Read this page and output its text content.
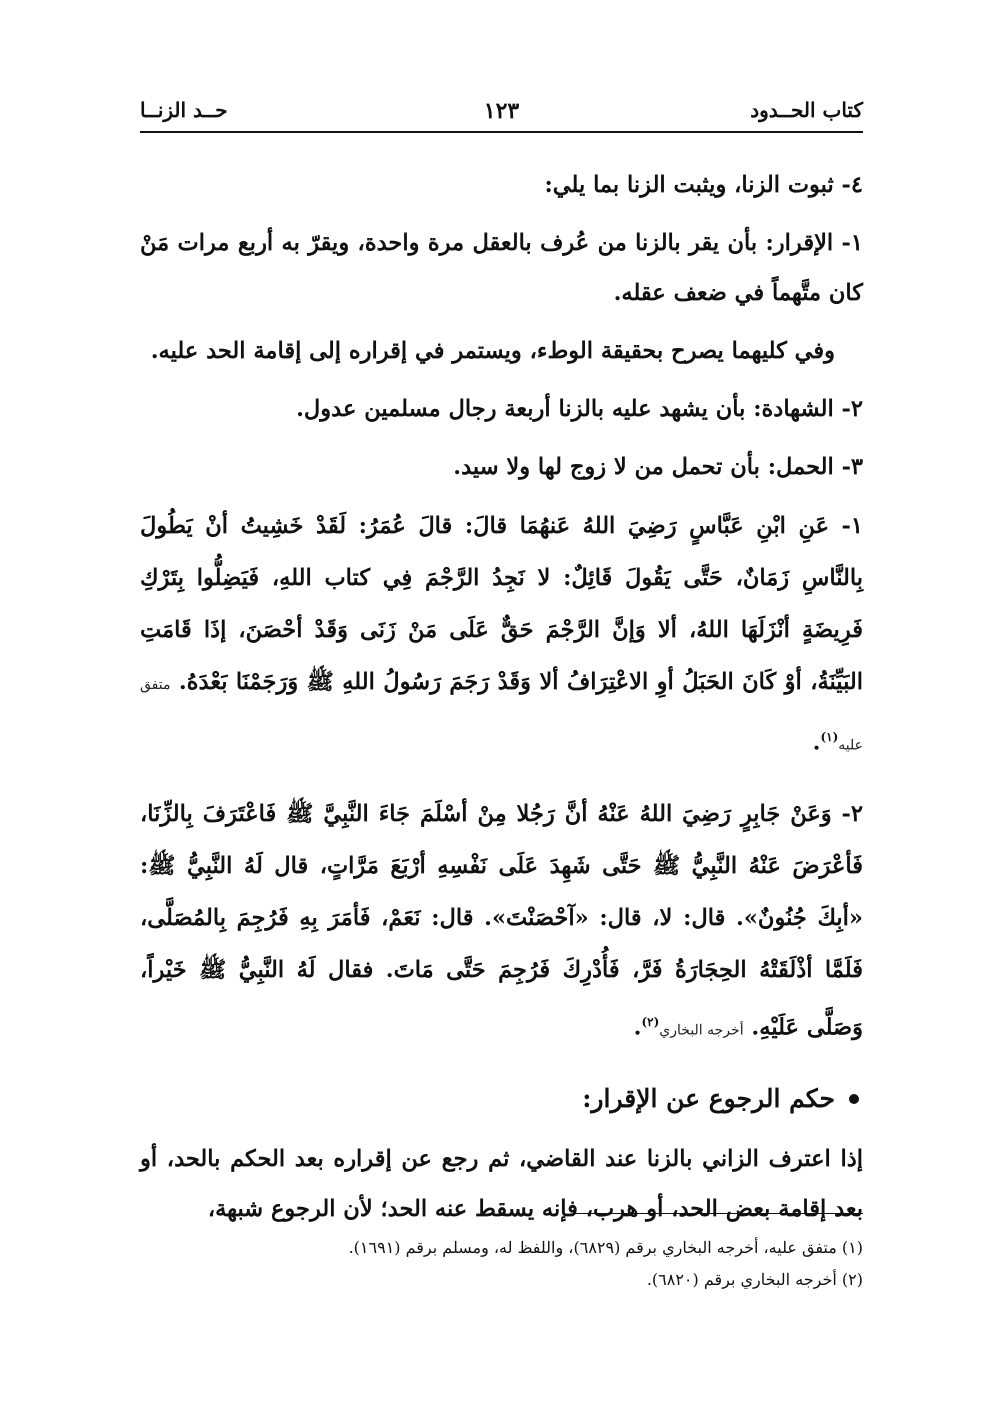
كتاب الحــدود
١٢٣
حــد الزنــا

٤- ثبوت الزنا، ويثبت الزنا بما يلي:

١- الإقرار: بأن يقر بالزنا من عُرف بالعقل مرة واحدة، ويقرّ به أربع مرات مَنْ كان متَّهماً في ضعف عقله.

وفي كليهما يصرح بحقيقة الوطء، ويستمر في إقراره إلى إقامة الحد عليه.

٢- الشهادة: بأن يشهد عليه بالزنا أربعة رجال مسلمين عدول.

٣- الحمل: بأن تحمل من لا زوج لها ولا سيد.

١- عَنِ ابْنِ عَبَّاسٍ رَضِيَ اللهُ عَنهُمَا قالَ: قالَ عُمَرُ: لَقَدْ خَشِيتُ أنْ يَطُولَ بِالنَّاسِ زَمَانٌ، حَتَّى يَقُولَ قَائِلٌ: لا نَجِدُ الرَّجْمَ فِي كتاب اللهِ، فَيَضِلُّوا بِتَرْكِ فَرِيضَةٍ أنْزَلَهَا اللهُ، ألا وَإنَّ الرَّجْمَ حَقٌّ عَلَى مَنْ زَنَى وَقَدْ أحْصَنَ، إذَا قَامَتِ البَيِّنَةُ، أوْ كَانَ الحَبَلُ أوِ الاعْتِرَافُ ألا وَقَدْ رَجَمَ رَسُولُ اللهِ ﷺ وَرَجَمْنَا بَعْدَهُ. متفق عليه$^{(١)}$.

٢- وَعَنْ جَابِرٍ رَضِيَ اللهُ عَنْهُ أنَّ رَجُلا مِنْ أسْلَمَ جَاءَ النَّبِيَّ ﷺ فَاعْتَرَفَ بِالزِّنَا، فَأعْرَضَ عَنْهُ النَّبِيُّ ﷺ حَتَّى شَهِدَ عَلَى نَفْسِهِ أرْبَعَ مَرَّاتٍ، قال لَهُ النَّبِيُّ ﷺ: «أبِكَ جُنُونٌ». قال: لا، قال: «آحْصَنْتَ». قال: نَعَمْ، فَأمَرَ بِهِ فَرُجِمَ بِالمُصَلَّى، فَلَمَّا أذْلَقَتْهُ الحِجَارَةُ فَرَّ، فَأُدْرِكَ فَرُجِمَ حَتَّى مَاتَ. فقال لَهُ النَّبِيُّ ﷺ خَيْراً، وَصَلَّى عَلَيْهِ. أخرجه البخاري$^{(٢)}$.

حكم الرجوع عن الإقرار:

إذا اعترف الزاني بالزنا عند القاضي، ثم رجع عن إقراره بعد الحكم بالحد، أو بعد إقامة بعض الحد، أو هرب، فإنه يسقط عنه الحد؛ لأن الرجوع شبهة،

(١) متفق عليه، أخرجه البخاري برقم (٦٨٢٩)، واللفظ له، ومسلم برقم (١٦٩١).

(٢) أخرجه البخاري برقم (٦٨٢٠).
